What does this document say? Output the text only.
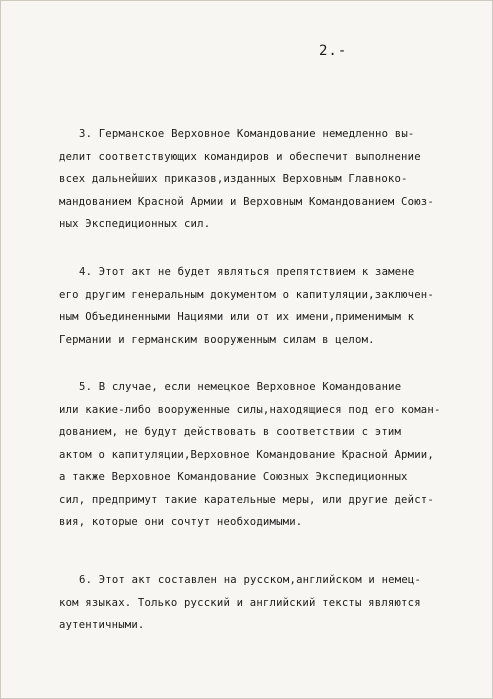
2.-
3. Германское Верховное Командование немедленно вы-
делит соответствующих командиров и обеспечит выполнение
всех дальнейших приказов,изданных Верховным Главноко-
мандованием Красной Армии и Верховным Командованием Союз-
ных Экспедиционных сил.
4. Этот акт не будет являться препятствием к замене
его другим генеральным документом о капитуляции,заключен-
ным Объединенными Нациями или от их имени,применимым к
Германии и германским вооруженным силам в целом.
5. В случае, если немецкое Верховное Командование
или какие-либо вооруженные силы,находящиеся под его коман-
дованием, не будут действовать в соответствии с этим
актом о капитуляции,Верховное Командование Красной Армии,
а также Верховное Командование Союзных Экспедиционных
сил, предпримут такие карательные меры, или другие дейст-
вия, которые они сочтут необходимыми.
6. Этот акт составлен на русском,английском и немец-
ком языках. Только русский и английский тексты являются
аутентичными.
